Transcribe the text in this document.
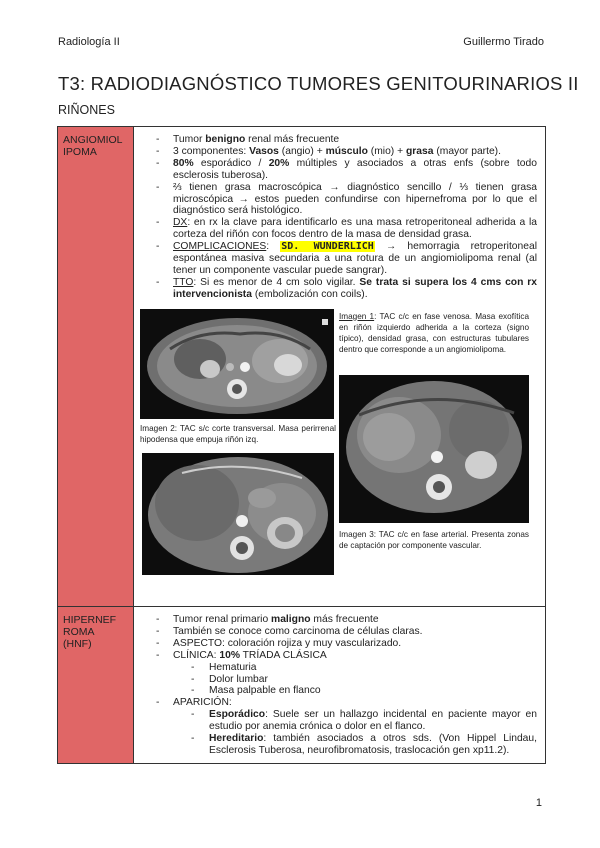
Radiología II	Guillermo Tirado
T3: RADIODIAGNÓSTICO TUMORES GENITOURINARIOS II
RIÑONES
ANGIOMIOL
IPOMA
- Tumor benigno renal más frecuente
- 3 componentes: Vasos (angio) + músculo (mio) + grasa (mayor parte).
- 80% esporádico / 20% múltiples y asociados a otras enfs (sobre todo esclerosis tuberosa).
- ⅔ tienen grasa macroscópica → diagnóstico sencillo / ⅓ tienen grasa microscópica → estos pueden confundirse con hipernefroma por lo que el diagnóstico será histológico.
- DX: en rx la clave para identificarlo es una masa retroperitoneal adherida a la corteza del riñón con focos dentro de la masa de densidad grasa.
- COMPLICACIONES: SD. WUNDERLICH → hemorragia retroperitoneal espontánea masiva secundaria a una rotura de un angiomiolipoma renal (al tener un componente vascular puede sangrar).
- TTO: Si es menor de 4 cm solo vigilar. Se trata si supera los 4 cms con rx intervencionista (embolización con coils).
Imagen 2: TAC s/c corte transversal. Masa perirrenal hipodensa que empuja riñón izq.
Imagen 1: TAC c/c en fase venosa. Masa exofítica en riñón izquierdo adherida a la corteza (signo típico), densidad grasa, con estructuras tubulares dentro que corresponde a un angiomiolipoma.
Imagen 3: TAC c/c en fase arterial. Presenta zonas de captación por componente vascular.
HIPERNEF
ROMA
(HNF)
- Tumor renal primario maligno más frecuente
- También se conoce como carcinoma de células claras.
- ASPECTO: coloración rojiza y muy vascularizado.
- CLÍNICA: 10% TRÍADA CLÁSICA
- Hematuria
- Dolor lumbar
- Masa palpable en flanco
- APARICIÓN:
- Esporádico: Suele ser un hallazgo incidental en paciente mayor en estudio por anemia crónica o dolor en el flanco.
- Hereditario: también asociados a otros sds. (Von Hippel Lindau, Esclerosis Tuberosa, neurofibromatosis, traslocación gen xp11.2).
1
